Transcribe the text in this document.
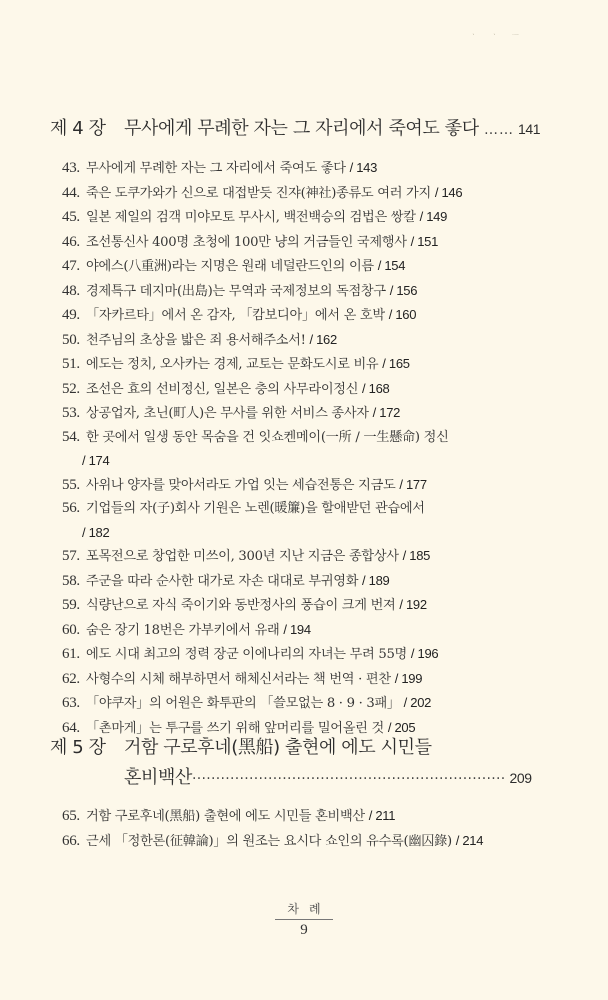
ㆍ ㆍ ᅳ
제 4 장 무사에게 무례한 자는 그 자리에서 죽여도 좋다 …… 141
43. 무사에게 무례한 자는 그 자리에서 죽여도 좋다 / 143
44. 죽은 도쿠가와가 신으로 대접받듯 진쟈(神社)종류도 여러 가지 / 146
45. 일본 제일의 검객 미야모토 무사시, 백전백승의 검법은 쌍칼 / 149
46. 조선통신사 400명 초청에 100만 냥의 거금들인 국제행사 / 151
47. 야에스(八重洲)라는 지명은 원래 네덜란드인의 이름 / 154
48. 경제특구 데지마(出島)는 무역과 국제정보의 독점창구 / 156
49. 「자카르타」에서 온 감자, 「캄보디아」에서 온 호박 / 160
50. 천주님의 초상을 밟은 죄 용서해주소서! / 162
51. 에도는 정치, 오사카는 경제, 교토는 문화도시로 비유 / 165
52. 조선은 효의 선비정신, 일본은 충의 사무라이정신 / 168
53. 상공업자, 초닌(町人)은 무사를 위한 서비스 종사자 / 172
54. 한 곳에서 일생 동안 목숨을 건 잇쇼켄메이(一所 / 一生懸命) 정신
/ 174
55. 사위나 양자를 맞아서라도 가업 잇는 세습전통은 지금도 / 177
56. 기업들의 자(子)회사 기원은 노렌(暖簾)을 할애받던 관습에서
/ 182
57. 포목전으로 창업한 미쓰이, 300년 지난 지금은 종합상사 / 185
58. 주군을 따라 순사한 대가로 자손 대대로 부귀영화 / 189
59. 식량난으로 자식 죽이기와 동반정사의 풍습이 크게 번져 / 192
60. 숨은 장기 18번은 가부키에서 유래 / 194
61. 에도 시대 최고의 정력 장군 이에나리의 자녀는 무려 55명 / 196
62. 사형수의 시체 해부하면서 해체신서라는 책 번역 · 편찬 / 199
63. 「야쿠자」의 어원은 화투판의 「쓸모없는 8 · 9 · 3패」 / 202
64. 「촌마게」는 투구를 쓰기 위해 앞머리를 밀어올린 것 / 205
제 5 장 거함 구로후네(黑船) 출현에 에도 시민들
혼비백산·································································· 209
65. 거함 구로후네(黑船) 출현에 에도 시민들 혼비백산 / 211
66. 근세 「정한론(征韓論)」의 원조는 요시다 쇼인의 유수록(幽囚錄) / 214
차례
9
